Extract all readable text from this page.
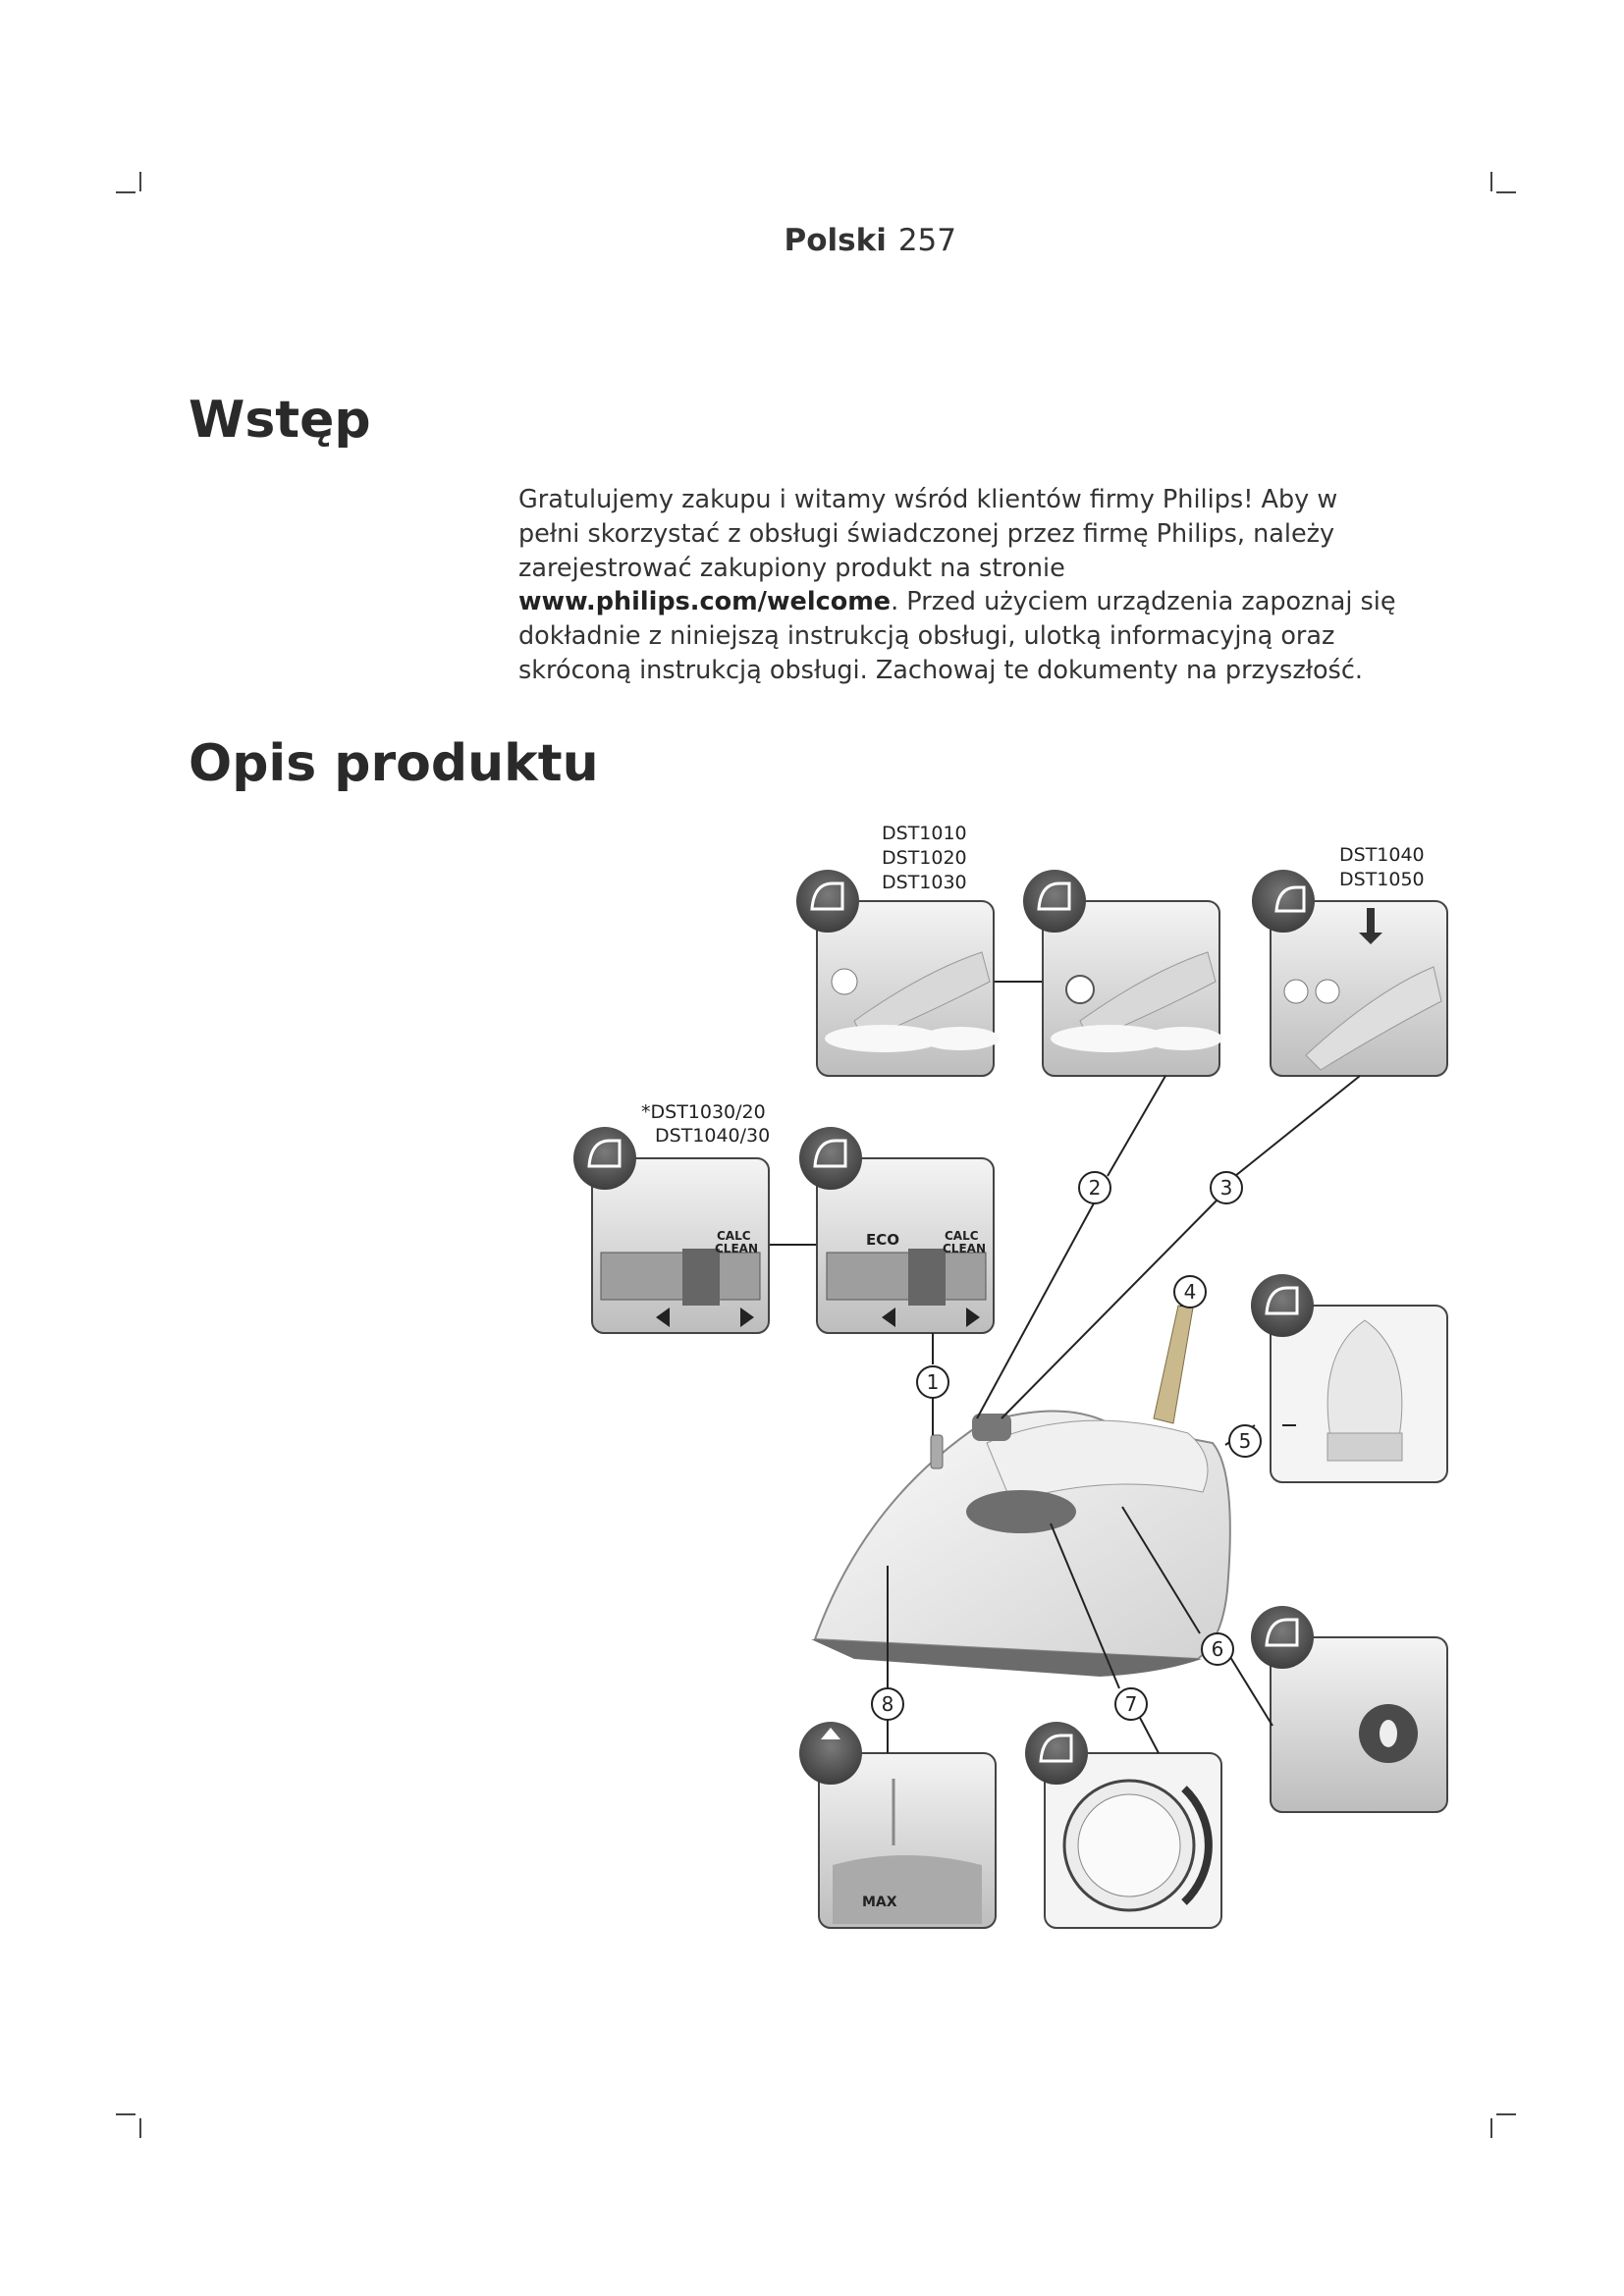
Polski 257
Wstęp

Gratulujemy zakupu i witamy wśród klientów firmy Philips! Aby w pełni skorzystać z obsługi świadczonej przez firmę Philips, należy zarejestrować zakupiony produkt na stronie www.philips.com/welcome. Przed użyciem urządzenia zapoznaj się dokładnie z niniejszą instrukcją obsługi, ulotką informacyjną oraz skróconą instrukcją obsługi. Zachowaj te dokumenty na przyszłość.

Opis produktu
DST1010
DST1020
DST1030
DST1040
DST1050
*DST1030/20
DST1040/30
CALC
CLEAN	ECO	CALC
CLEAN
MAX
1
2	3
4
5
6
7
8
